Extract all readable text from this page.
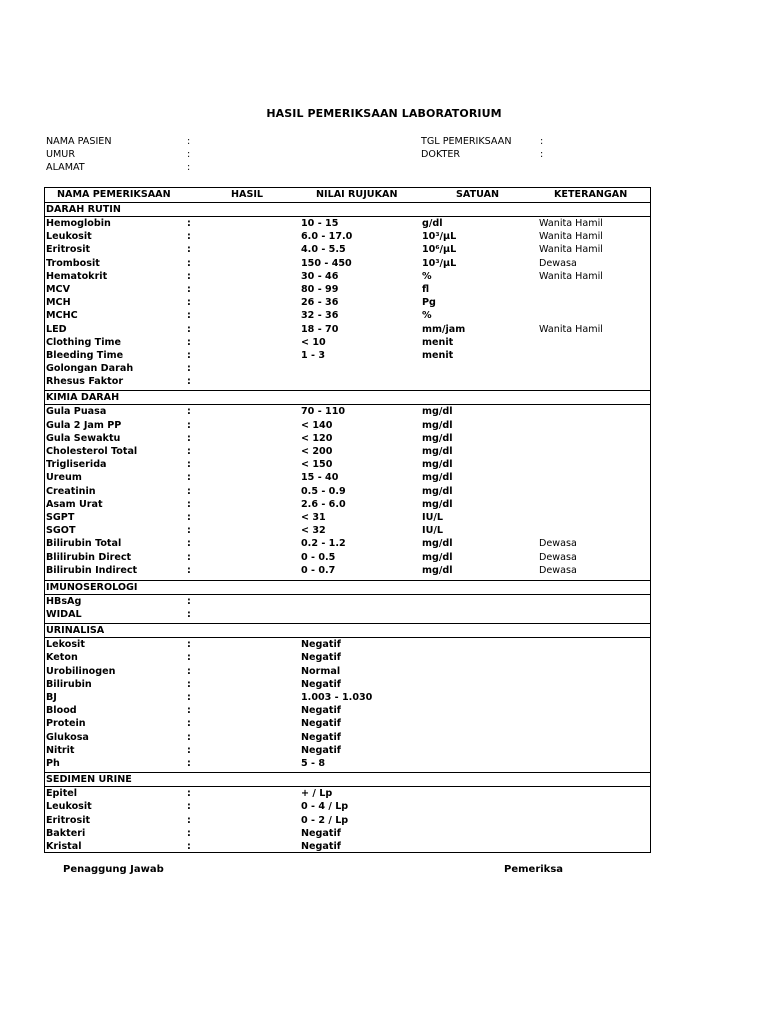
HASIL PEMERIKSAAN LABORATORIUM
NAMA PASIEN	:
UMUR	:
ALAMAT	:
TGL PEMERIKSAAN	:
DOKTER	:
NAMA PEMERIKSAAN	HASIL	NILAI RUJUKAN	SATUAN	KETERANGAN
DARAH RUTIN
Hemoglobin	:	10 - 15	g/dl	Wanita Hamil
Leukosit	:	6.0 - 17.0	10³/µL	Wanita Hamil
Eritrosit	:	4.0 - 5.5	10⁶/µL	Wanita Hamil
Trombosit	:	150 - 450	10³/µL	Dewasa
Hematokrit	:	30 - 46	%	Wanita Hamil
MCV	:	80 - 99	fl
MCH	:	26 - 36	Pg
MCHC	:	32 - 36	%
LED	:	18 - 70	mm/jam	Wanita Hamil
Clothing Time	:	< 10	menit
Bleeding Time	:	1 - 3	menit
Golongan Darah	:
Rhesus Faktor	:
KIMIA DARAH
Gula Puasa	:	70 - 110	mg/dl
Gula 2 Jam PP	:	< 140	mg/dl
Gula Sewaktu	:	< 120	mg/dl
Cholesterol Total	:	< 200	mg/dl
Trigliserida	:	< 150	mg/dl
Ureum	:	15 - 40	mg/dl
Creatinin	:	0.5 - 0.9	mg/dl
Asam Urat	:	2.6 - 6.0	mg/dl
SGPT	:	< 31	IU/L
SGOT	:	< 32	IU/L
Bilirubin Total	:	0.2 - 1.2	mg/dl	Dewasa
Blilirubin Direct	:	0 - 0.5	mg/dl	Dewasa
Bilirubin Indirect	:	0 - 0.7	mg/dl	Dewasa
IMUNOSEROLOGI
HBsAg	:
WIDAL	:
URINALISA
Lekosit	:	Negatif
Keton	:	Negatif
Urobilinogen	:	Normal
Bilirubin	:	Negatif
BJ	:	1.003 - 1.030
Blood	:	Negatif
Protein	:	Negatif
Glukosa	:	Negatif
Nitrit	:	Negatif
Ph	:	5 - 8
SEDIMEN URINE
Epitel	:	+ / Lp
Leukosit	:	0 - 4 / Lp
Eritrosit	:	0 - 2 / Lp
Bakteri	:	Negatif
Kristal	:	Negatif
Penaggung Jawab	Pemeriksa
